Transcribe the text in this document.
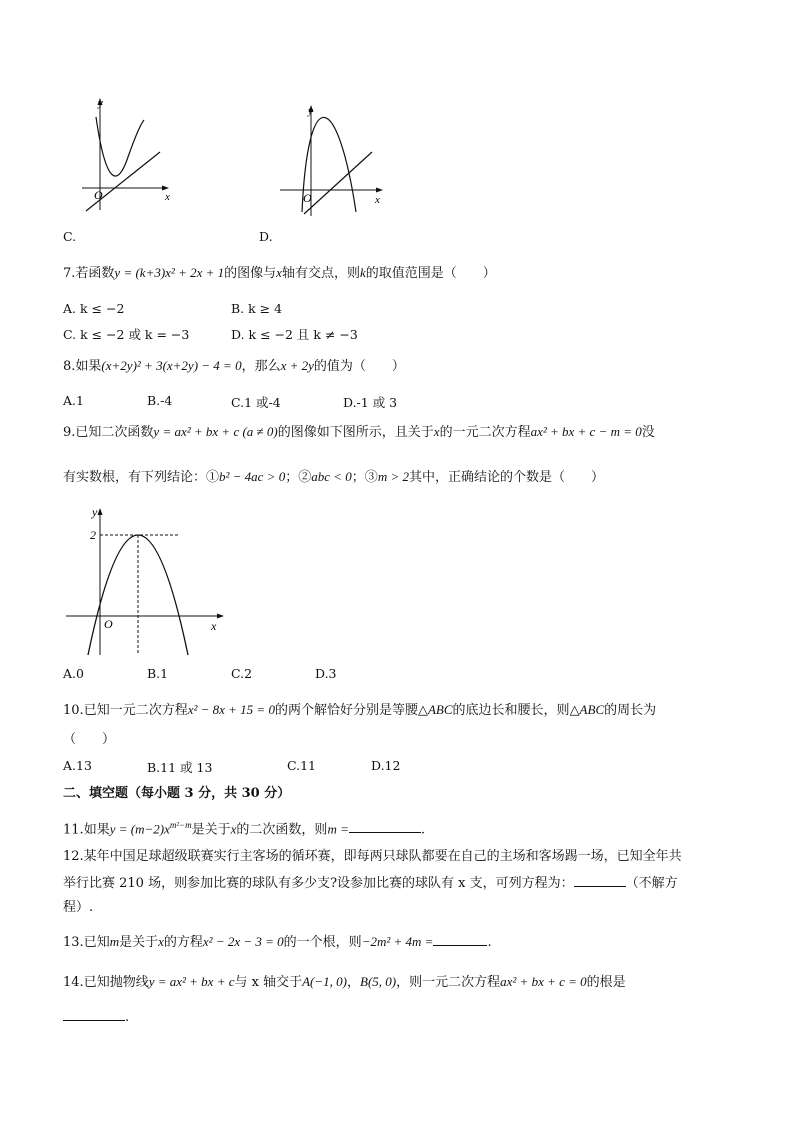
O
y
x
C.
O
y
x
D.
7.若函数y = (k+3)x² + 2x + 1的图像与x轴有交点，则k的取值范围是（　　）
A. k ≤ −2	B. k ≥ 4
C. k ≤ −2 或 k = −3	D. k ≤ −2 且 k ≠ −3
8.如果(x+2y)² + 3(x+2y) − 4 = 0，那么x + 2y的值为（　　）
A.1	B.-4	C.1 或-4	D.-1 或 3
9.已知二次函数y = ax² + bx + c (a ≠ 0)的图像如下图所示，且关于x的一元二次方程ax² + bx + c − m = 0没
有实数根，有下列结论：①b² − 4ac > 0；②abc < 0；③m > 2其中，正确结论的个数是（　　）
2
O
y
x
A.0	B.1	C.2	D.3
10.已知一元二次方程x² − 8x + 15 = 0的两个解恰好分别是等腰△ABC的底边长和腰长，则△ABC的周长为
（　　）
A.13	B.11 或 13	C.11	D.12
二、填空题（每小题 3 分，共 30 分）
11.如果$y = (m-2)x^{m^2-m}$是关于x的二次函数，则m =	.
12.某年中国足球超级联赛实行主客场的循环赛，即每两只球队都要在自己的主场和客场踢一场，已知全年共
举行比赛 210 场，则参加比赛的球队有多少支?设参加比赛的球队有 x 支，可列方程为：	（不解方
程）.
13.已知m是关于x的方程x² − 2x − 3 = 0的一个根，则−2m² + 4m =	.
14.已知抛物线y = ax² + bx + c与 x 轴交于A(−1, 0)，B(5, 0)，则一元二次方程ax² + bx + c = 0的根是
.
